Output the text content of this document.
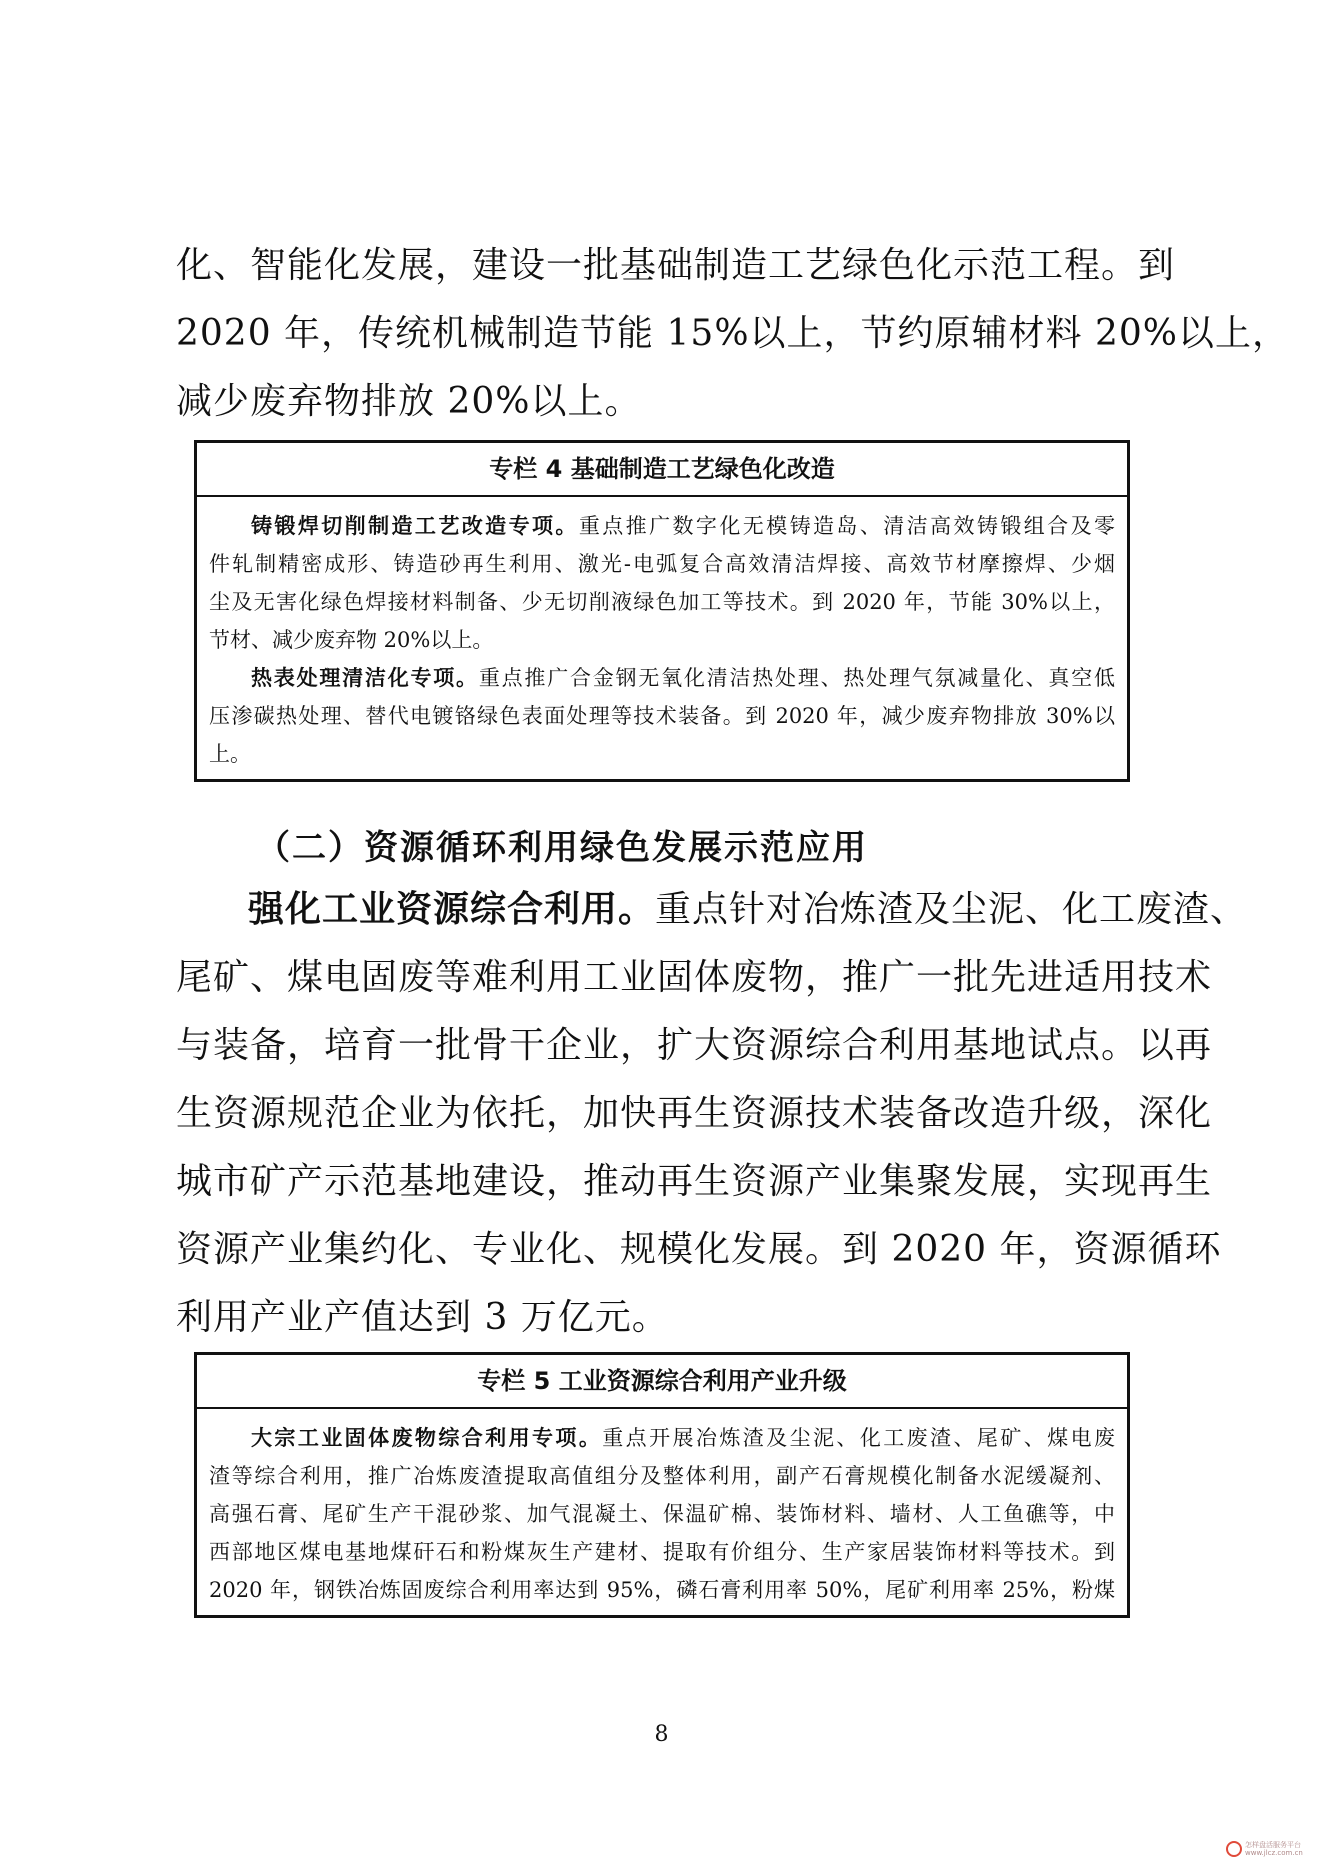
化、智能化发展，建设一批基础制造工艺绿色化示范工程。到
2020 年，传统机械制造节能 15%以上，节约原辅材料 20%以上，
减少废弃物排放 20%以上。
专栏 4 基础制造工艺绿色化改造
铸锻焊切削制造工艺改造专项。重点推广数字化无模铸造岛、清洁高效铸锻组合及零
件轧制精密成形、铸造砂再生利用、激光-电弧复合高效清洁焊接、高效节材摩擦焊、少烟
尘及无害化绿色焊接材料制备、少无切削液绿色加工等技术。到 2020 年，节能 30%以上，
节材、减少废弃物 20%以上。
热表处理清洁化专项。重点推广合金钢无氧化清洁热处理、热处理气氛减量化、真空低
压渗碳热处理、替代电镀铬绿色表面处理等技术装备。到 2020 年，减少废弃物排放 30%以
上。
（二）资源循环利用绿色发展示范应用
强化工业资源综合利用。重点针对冶炼渣及尘泥、化工废渣、
尾矿、煤电固废等难利用工业固体废物，推广一批先进适用技术
与装备，培育一批骨干企业，扩大资源综合利用基地试点。以再
生资源规范企业为依托，加快再生资源技术装备改造升级，深化
城市矿产示范基地建设，推动再生资源产业集聚发展，实现再生
资源产业集约化、专业化、规模化发展。到 2020 年，资源循环
利用产业产值达到 3 万亿元。
专栏 5 工业资源综合利用产业升级
大宗工业固体废物综合利用专项。重点开展冶炼渣及尘泥、化工废渣、尾矿、煤电废
渣等综合利用，推广冶炼废渣提取高值组分及整体利用，副产石膏规模化制备水泥缓凝剂、
高强石膏、尾矿生产干混砂浆、加气混凝土、保温矿棉、装饰材料、墙材、人工鱼礁等，中
西部地区煤电基地煤矸石和粉煤灰生产建材、提取有价组分、生产家居装饰材料等技术。到
2020 年，钢铁冶炼固废综合利用率达到 95%，磷石膏利用率 50%，尾矿利用率 25%，粉煤
8
怎样盘活服务平台
www.jlcz.com.cn
